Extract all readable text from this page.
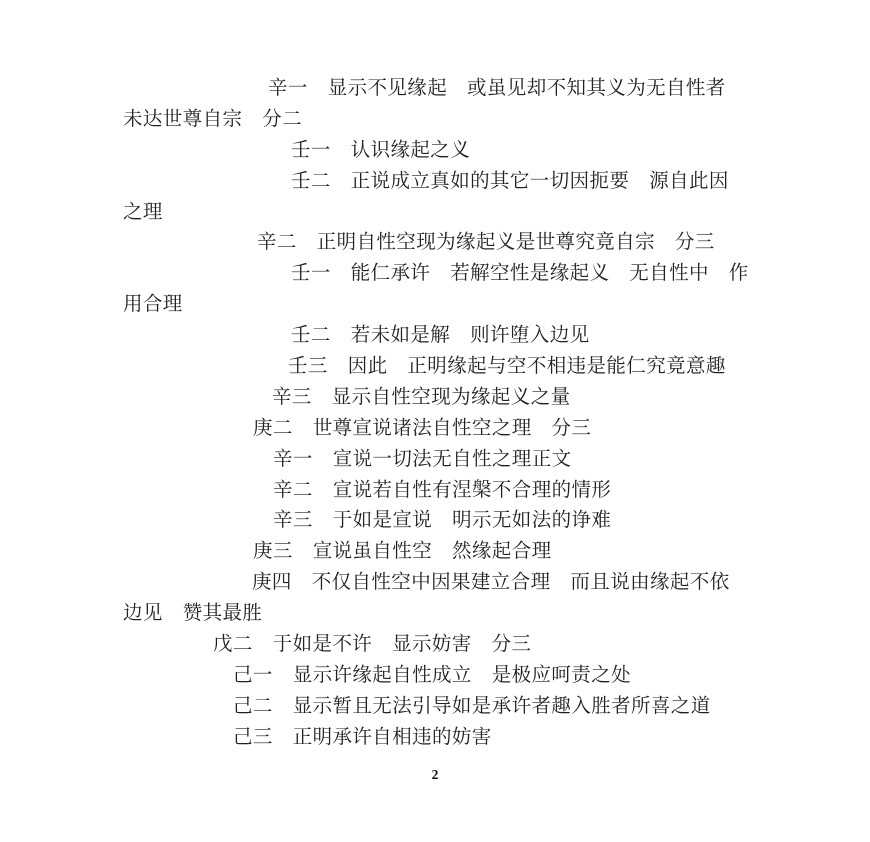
辛一　显示不见缘起　或虽见却不知其义为无自性者
未达世尊自宗　分二
壬一　认识缘起之义
壬二　正说成立真如的其它一切因扼要　源自此因
之理
辛二　正明自性空现为缘起义是世尊究竟自宗　分三
壬一　能仁承许　若解空性是缘起义　无自性中　作
用合理
壬二　若未如是解　则许堕入边见
壬三　因此　正明缘起与空不相违是能仁究竟意趣
辛三　显示自性空现为缘起义之量
庚二　世尊宣说诸法自性空之理　分三
辛一　宣说一切法无自性之理正文
辛二　宣说若自性有涅槃不合理的情形
辛三　于如是宣说　明示无如法的诤难
庚三　宣说虽自性空　然缘起合理
庚四　不仅自性空中因果建立合理　而且说由缘起不依
边见　赞其最胜
戊二　于如是不许　显示妨害　分三
己一　显示许缘起自性成立　是极应呵责之处
己二　显示暂且无法引导如是承许者趣入胜者所喜之道
己三　正明承许自相违的妨害
2
